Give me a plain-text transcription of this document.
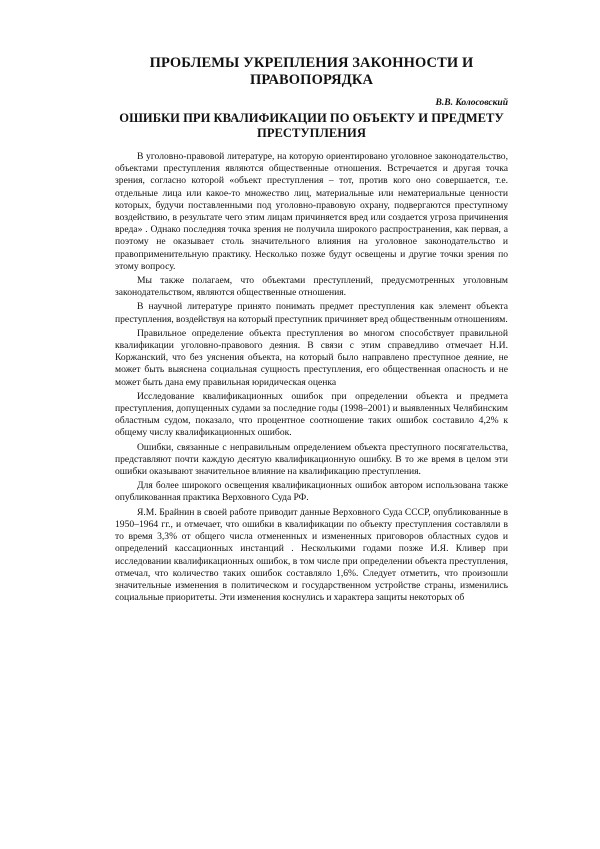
ПРОБЛЕМЫ УКРЕПЛЕНИЯ ЗАКОННОСТИ И ПРАВОПОРЯДКА
В.В. Колосовский
ОШИБКИ ПРИ КВАЛИФИКАЦИИ ПО ОБЪЕКТУ И ПРЕДМЕТУ ПРЕСТУПЛЕНИЯ

В уголовно-правовой литературе, на которую ориентировано уголовное законодательство, объектами преступления являются общественные отношения. Встречается и другая точка зрения, согласно которой «объект преступления – тот, против кого оно совершается, т.е. отдельные лица или какое-то множество лиц, материальные или нематериальные ценности которых, будучи поставленными под уголовно-правовую охрану, подвергаются преступному воздействию, в результате чего этим лицам причиняется вред или создается угроза причинения вреда» . Однако последняя точка зрения не получила широкого распространения, как первая, а поэтому не оказывает столь значительного влияния на уголовное законодательство и правоприменительную практику. Несколько позже будут освещены и другие точки зрения по этому вопросу.

Мы также полагаем, что объектами преступлений, предусмотренных уголовным законодательством, являются общественные отношения.

В научной литературе принято понимать предмет преступления как элемент объекта преступления, воздействуя на который преступник причиняет вред общественным отношениям.

Правильное определение объекта преступления во многом способствует правильной квалификации уголовно-правового деяния. В связи с этим справедливо отмечает Н.И. Коржанский, что без уяснения объекта, на который было направлено преступное деяние, не может быть выяснена социальная сущность преступления, его общественная опасность и не может быть дана ему правильная юридическая оценка

Исследование квалификационных ошибок при определении объекта и предмета преступления, допущенных судами за последние годы (1998–2001) и выявленных Челябинским областным судом, показало, что процентное соотношение таких ошибок составило 4,2% к общему числу квалификационных ошибок.

Ошибки, связанные с неправильным определением объекта преступного посягательства, представляют почти каждую десятую квалификационную ошибку. В то же время в целом эти ошибки оказывают значительное влияние на квалификацию преступления.

Для более широкого освещения квалификационных ошибок автором использована также опубликованная практика Верховного Суда РФ.

Я.М. Брайнин в своей работе приводит данные Верховного Суда СССР, опубликованные в 1950–1964 гг., и отмечает, что ошибки в квалификации по объекту преступления составляли в то время 3,3% от общего числа отмененных и измененных приговоров областных судов и определений кассационных инстанций . Несколькими годами позже И.Я. Кливер при исследовании квалификационных ошибок, в том числе при определении объекта преступления, отмечал, что количество таких ошибок составляло 1,6%. Следует отметить, что произошли значительные изменения в политическом и государственном устройстве страны, изменились социальные приоритеты. Эти изменения коснулись и характера защиты некоторых об
